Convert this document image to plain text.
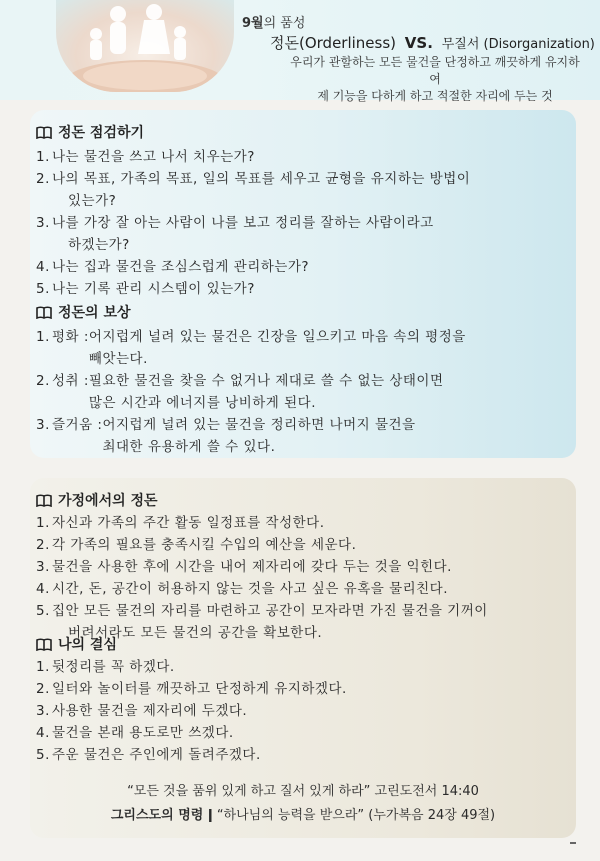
9월의 품성
정돈(Orderliness) VS. 무질서 (Disorganization)
우리가 관할하는 모든 물건을 단정하고 깨끗하게 유지하여
제 기능을 다하게 하고 적절한 자리에 두는 것
정돈 점검하기
1. 나는 물건을 쓰고 나서 치우는가?
2. 나의 목표, 가족의 목표, 일의 목표를 세우고 균형을 유지하는 방법이
있는가?
3. 나를 가장 잘 아는 사람이 나를 보고 정리를 잘하는 사람이라고
하겠는가?
4. 나는 집과 물건을 조심스럽게 관리하는가?
5. 나는 기록 관리 시스템이 있는가?
정돈의 보상
1. 평화 : 어지럽게 널려 있는 물건은 긴장을 일으키고 마음 속의 평정을
빼앗는다.
2. 성취 : 필요한 물건을 찾을 수 없거나 제대로 쓸 수 없는 상태이면
많은 시간과 에너지를 낭비하게 된다.
3. 즐거움 : 어지럽게 널려 있는 물건을 정리하면 나머지 물건을
최대한 유용하게 쓸 수 있다.
가정에서의 정돈
1. 자신과 가족의 주간 활동 일정표를 작성한다.
2. 각 가족의 필요를 충족시킬 수입의 예산을 세운다.
3. 물건을 사용한 후에 시간을 내어 제자리에 갖다 두는 것을 익힌다.
4. 시간, 돈, 공간이 허용하지 않는 것을 사고 싶은 유혹을 물리친다.
5. 집안 모든 물건의 자리를 마련하고 공간이 모자라면 가진 물건을 기꺼이
버려서라도 모든 물건의 공간을 확보한다.
나의 결심
1. 뒷정리를 꼭 하겠다.
2. 일터와 놀이터를 깨끗하고 단정하게 유지하겠다.
3. 사용한 물건을 제자리에 두겠다.
4. 물건을 본래 용도로만 쓰겠다.
5. 주운 물건은 주인에게 돌려주겠다.
“모든 것을 품위 있게 하고 질서 있게 하라” 고린도전서 14:40
그리스도의 명령 ǀ “하나님의 능력을 받으라” (누가복음 24장 49절)
